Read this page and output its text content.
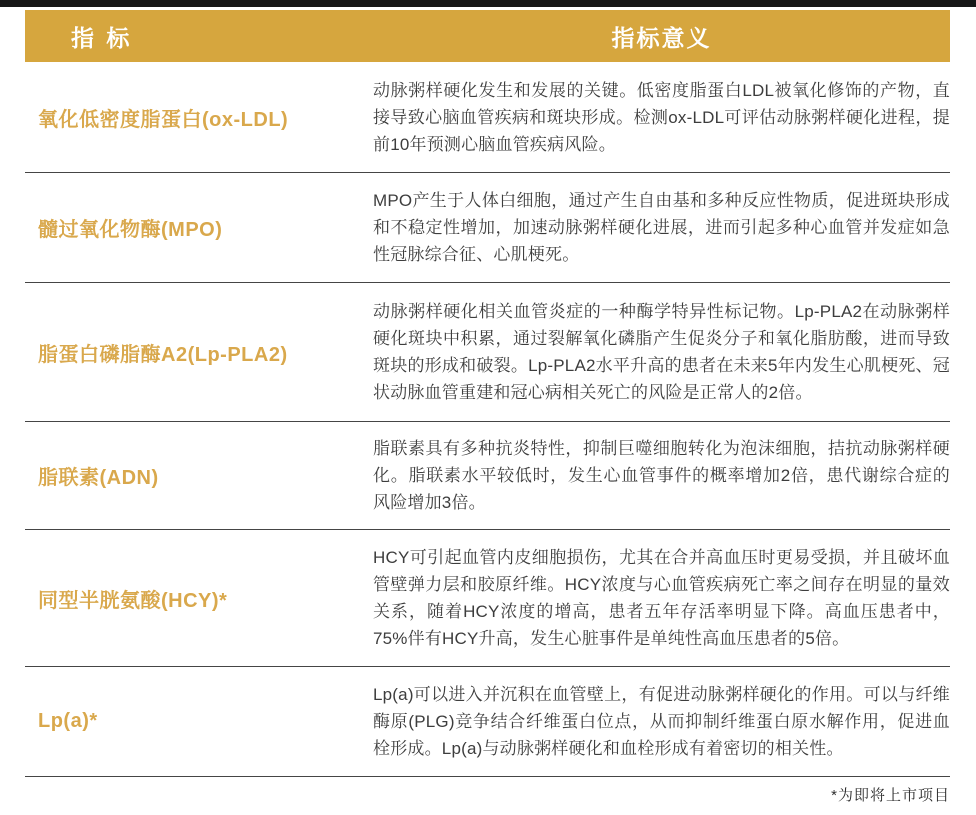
指 标	指标意义
氧化低密度脂蛋白(ox-LDL)

动脉粥样硬化发生和发展的关键。低密度脂蛋白LDL被氧化修饰的产物，直接导致心脑血管疾病和斑块形成。检测ox-LDL可评估动脉粥样硬化进程，提前10年预测心脑血管疾病风险。

髓过氧化物酶(MPO)

MPO产生于人体白细胞，通过产生自由基和多种反应性物质，促进斑块形成和不稳定性增加，加速动脉粥样硬化进展，进而引起多种心血管并发症如急性冠脉综合征、心肌梗死。

脂蛋白磷脂酶A2(Lp-PLA2)

动脉粥样硬化相关血管炎症的一种酶学特异性标记物。Lp-PLA2在动脉粥样硬化斑块中积累，通过裂解氧化磷脂产生促炎分子和氧化脂肪酸，进而导致斑块的形成和破裂。Lp-PLA2水平升高的患者在未来5年内发生心肌梗死、冠状动脉血管重建和冠心病相关死亡的风险是正常人的2倍。

脂联素(ADN)

脂联素具有多种抗炎特性，抑制巨噬细胞转化为泡沫细胞，拮抗动脉粥样硬化。脂联素水平较低时，发生心血管事件的概率增加2倍，患代谢综合症的风险增加3倍。

同型半胱氨酸(HCY)*

HCY可引起血管内皮细胞损伤，尤其在合并高血压时更易受损，并且破坏血管壁弹力层和胶原纤维。HCY浓度与心血管疾病死亡率之间存在明显的量效关系，随着HCY浓度的增高，患者五年存活率明显下降。高血压患者中，75%伴有HCY升高，发生心脏事件是单纯性高血压患者的5倍。

Lp(a)*

Lp(a)可以进入并沉积在血管壁上，有促进动脉粥样硬化的作用。可以与纤维酶原(PLG)竞争结合纤维蛋白位点，从而抑制纤维蛋白原水解作用，促进血栓形成。Lp(a)与动脉粥样硬化和血栓形成有着密切的相关性。

*为即将上市项目
